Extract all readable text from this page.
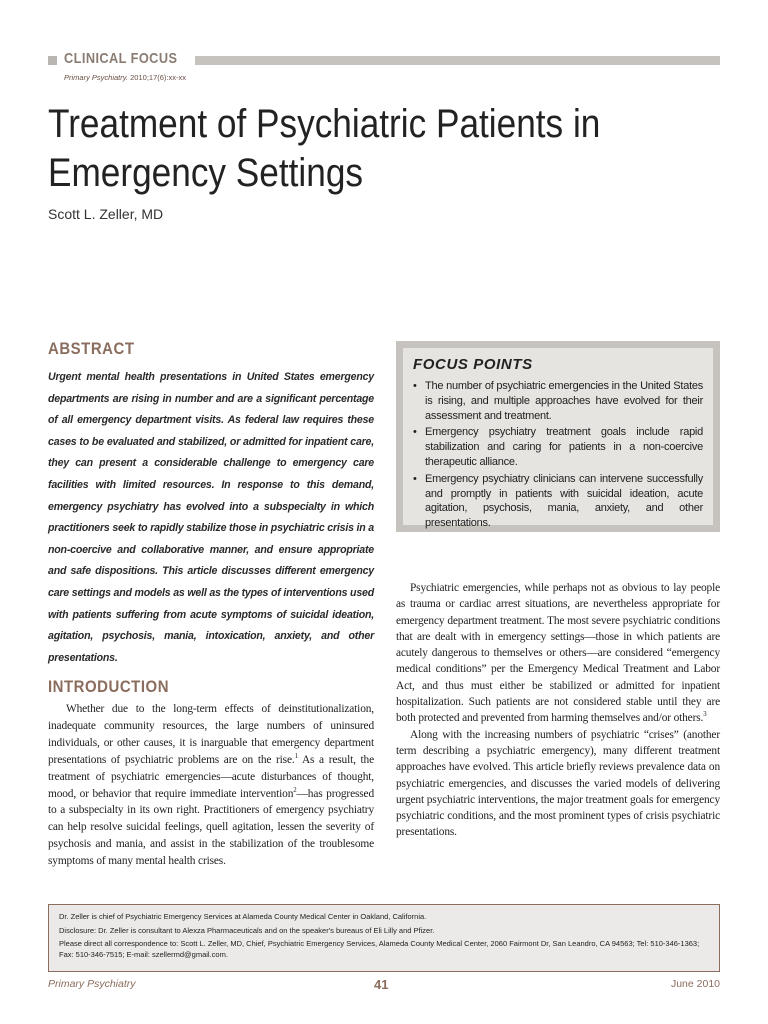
CLINICAL FOCUS
Primary Psychiatry. 2010;17(6):xx-xx
Treatment of Psychiatric Patients in Emergency Settings
Scott L. Zeller, MD
ABSTRACT

Urgent mental health presentations in United States emergency departments are rising in number and are a significant percentage of all emergency department visits. As federal law requires these cases to be evaluated and stabilized, or admitted for inpatient care, they can present a considerable challenge to emergency care facilities with limited resources. In response to this demand, emergency psychiatry has evolved into a subspecialty in which practitioners seek to rapidly stabilize those in psychiatric crisis in a non-coercive and collaborative manner, and ensure appropriate and safe dispositions. This article discusses different emergency care settings and models as well as the types of interventions used with patients suffering from acute symptoms of suicidal ideation, agitation, psychosis, mania, intoxication, anxiety, and other presentations.

FOCUS POINTS
• The number of psychiatric emergencies in the United States is rising, and multiple approaches have evolved for their assessment and treatment.
• Emergency psychiatry treatment goals include rapid stabilization and caring for patients in a non-coercive therapeutic alliance.
• Emergency psychiatry clinicians can intervene successfully and promptly in patients with suicidal ideation, acute agitation, psychosis, mania, anxiety, and other presentations.
INTRODUCTION

Whether due to the long-term effects of deinstitutionalization, inadequate community resources, the large numbers of uninsured individuals, or other causes, it is inarguable that emergency department presentations of psychiatric problems are on the rise.$^1$ As a result, the treatment of psychiatric emergencies—acute disturbances of thought, mood, or behavior that require immediate intervention$^2$—has progressed to a subspecialty in its own right. Practitioners of emergency psychiatry can help resolve suicidal feelings, quell agitation, lessen the severity of psychosis and mania, and assist in the stabilization of the troublesome symptoms of many mental health crises.

Psychiatric emergencies, while perhaps not as obvious to lay people as trauma or cardiac arrest situations, are nevertheless appropriate for emergency department treatment. The most severe psychiatric conditions that are dealt with in emergency settings—those in which patients are acutely dangerous to themselves or others—are considered “emergency medical conditions” per the Emergency Medical Treatment and Labor Act, and thus must either be stabilized or admitted for inpatient hospitalization. Such patients are not considered stable until they are both protected and prevented from harming themselves and/or others.$^3$

Along with the increasing numbers of psychiatric “crises” (another term describing a psychiatric emergency), many different treatment approaches have evolved. This article briefly reviews prevalence data on psychiatric emergencies, and discusses the varied models of delivering urgent psychiatric interventions, the major treatment goals for emergency psychiatric conditions, and the most prominent types of crisis psychiatric presentations.

Dr. Zeller is chief of Psychiatric Emergency Services at Alameda County Medical Center in Oakland, California.

Disclosure: Dr. Zeller is consultant to Alexza Pharmaceuticals and on the speaker's bureaus of Eli Lilly and Pfizer.

Please direct all correspondence to: Scott L. Zeller, MD, Chief, Psychiatric Emergency Services, Alameda County Medical Center, 2060 Fairmont Dr, San Leandro, CA 94563; Tel: 510-346-1363; Fax: 510-346-7515; E-mail: szellermd@gmail.com.

Primary Psychiatry	41	June 2010
